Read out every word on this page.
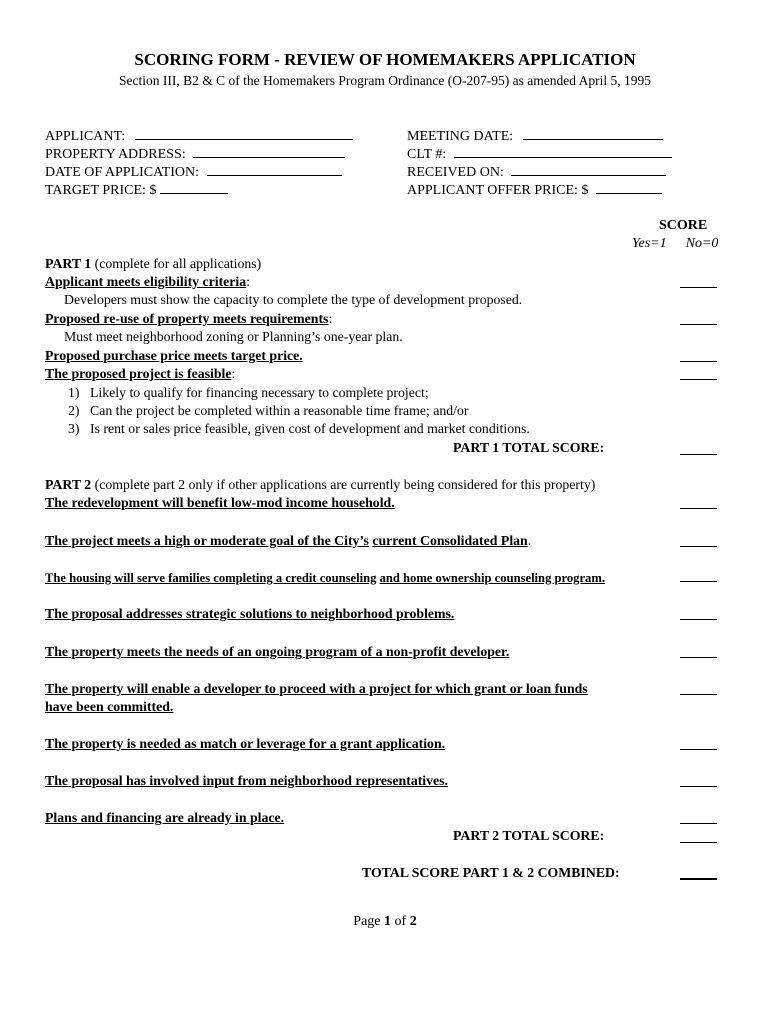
SCORING FORM - REVIEW OF HOMEMAKERS APPLICATION
Section III, B2 & C of the Homemakers Program Ordinance (O-207-95) as amended April 5, 1995
APPLICANT:
PROPERTY ADDRESS:
DATE OF APPLICATION:
TARGET PRICE: $
MEETING DATE:
CLT #:
RECEIVED ON:
APPLICANT OFFER PRICE: $
SCORE
Yes=1 No=0
PART 1 (complete for all applications)
Applicant meets eligibility criteria:
Developers must show the capacity to complete the type of development proposed.
Proposed re-use of property meets requirements:
Must meet neighborhood zoning or Planning’s one-year plan.
Proposed purchase price meets target price.
The proposed project is feasible:
1) Likely to qualify for financing necessary to complete project;
2) Can the project be completed within a reasonable time frame; and/or
3) Is rent or sales price feasible, given cost of development and market conditions.
PART 1 TOTAL SCORE:
PART 2 (complete part 2 only if other applications are currently being considered for this property)
The redevelopment will benefit low-mod income household.
The project meets a high or moderate goal of the City’s current Consolidated Plan.
The housing will serve families completing a credit counseling and home ownership counseling program.
The proposal addresses strategic solutions to neighborhood problems.
The property meets the needs of an ongoing program of a non-profit developer.
The property will enable a developer to proceed with a project for which grant or loan funds
have been committed.
The property is needed as match or leverage for a grant application.
The proposal has involved input from neighborhood representatives.
Plans and financing are already in place.
PART 2 TOTAL SCORE:
TOTAL SCORE PART 1 & 2 COMBINED:
Page 1 of 2
